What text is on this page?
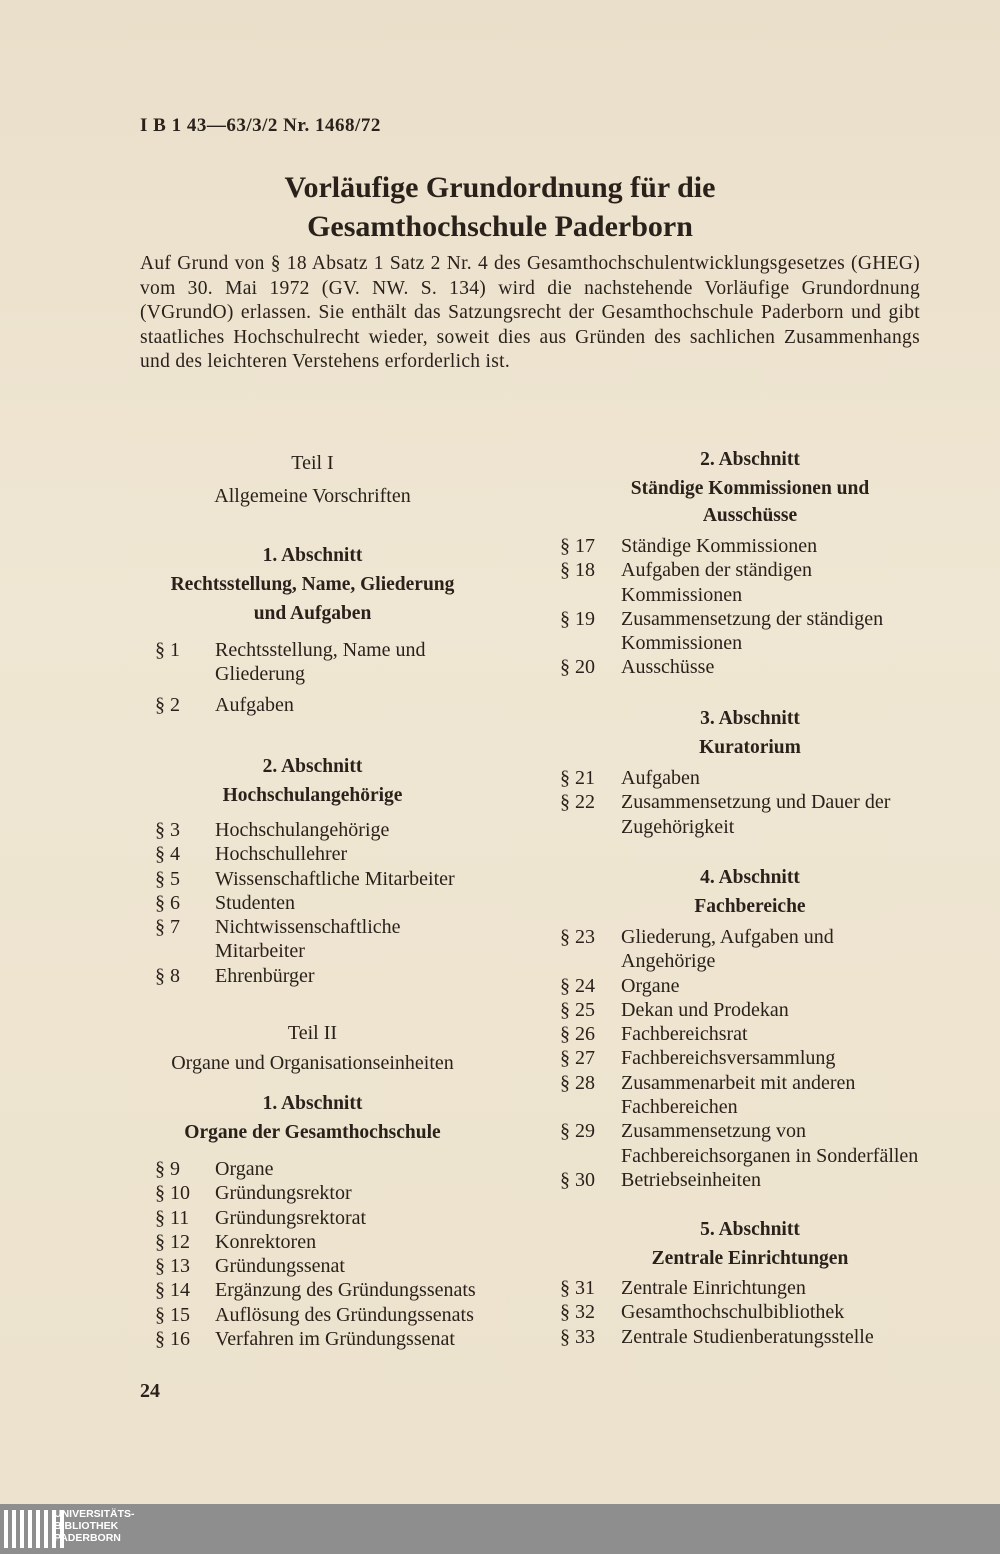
I B 1 43—63/3/2 Nr. 1468/72
Vorläufige Grundordnung für die
Gesamthochschule Paderborn
Auf Grund von § 18 Absatz 1 Satz 2 Nr. 4 des Gesamthochschulentwicklungsgesetzes (GHEG) vom 30. Mai 1972 (GV. NW. S. 134) wird die nachstehende Vorläufige Grundordnung (VGrundO) erlassen. Sie enthält das Satzungsrecht der Gesamthochschule Paderborn und gibt staatliches Hochschulrecht wieder, soweit dies aus Gründen des sachlichen Zusammenhangs und des leichteren Verstehens erforderlich ist.
Teil I
Allgemeine Vorschriften
1. Abschnitt
Rechtsstellung, Name, Gliederung
und Aufgaben
§ 1	Rechtsstellung, Name und Gliederung
§ 2	Aufgaben
2. Abschnitt
Hochschulangehörige
§ 3	Hochschulangehörige
§ 4	Hochschullehrer
§ 5	Wissenschaftliche Mitarbeiter
§ 6	Studenten
§ 7	Nichtwissenschaftliche Mitarbeiter
§ 8	Ehrenbürger
Teil II
Organe und Organisationseinheiten
1. Abschnitt
Organe der Gesamthochschule
§ 9	Organe
§ 10	Gründungsrektor
§ 11	Gründungsrektorat
§ 12	Konrektoren
§ 13	Gründungssenat
§ 14	Ergänzung des Gründungssenats
§ 15	Auflösung des Gründungssenats
§ 16	Verfahren im Gründungssenat
2. Abschnitt
Ständige Kommissionen und
Ausschüsse
§ 17	Ständige Kommissionen
§ 18	Aufgaben der ständigen Kommissionen
§ 19	Zusammensetzung der ständigen Kommissionen
§ 20	Ausschüsse
3. Abschnitt
Kuratorium
§ 21	Aufgaben
§ 22	Zusammensetzung und Dauer der Zugehörigkeit
4. Abschnitt
Fachbereiche
§ 23	Gliederung, Aufgaben und Angehörige
§ 24	Organe
§ 25	Dekan und Prodekan
§ 26	Fachbereichsrat
§ 27	Fachbereichsversammlung
§ 28	Zusammenarbeit mit anderen Fachbereichen
§ 29	Zusammensetzung von Fachbereichsorganen in Sonderfällen
§ 30	Betriebseinheiten
5. Abschnitt
Zentrale Einrichtungen
§ 31	Zentrale Einrichtungen
§ 32	Gesamthochschulbibliothek
§ 33	Zentrale Studienberatungsstelle
24
UNIVERSITÄTS-
BIBLIOTHEK
PADERBORN
